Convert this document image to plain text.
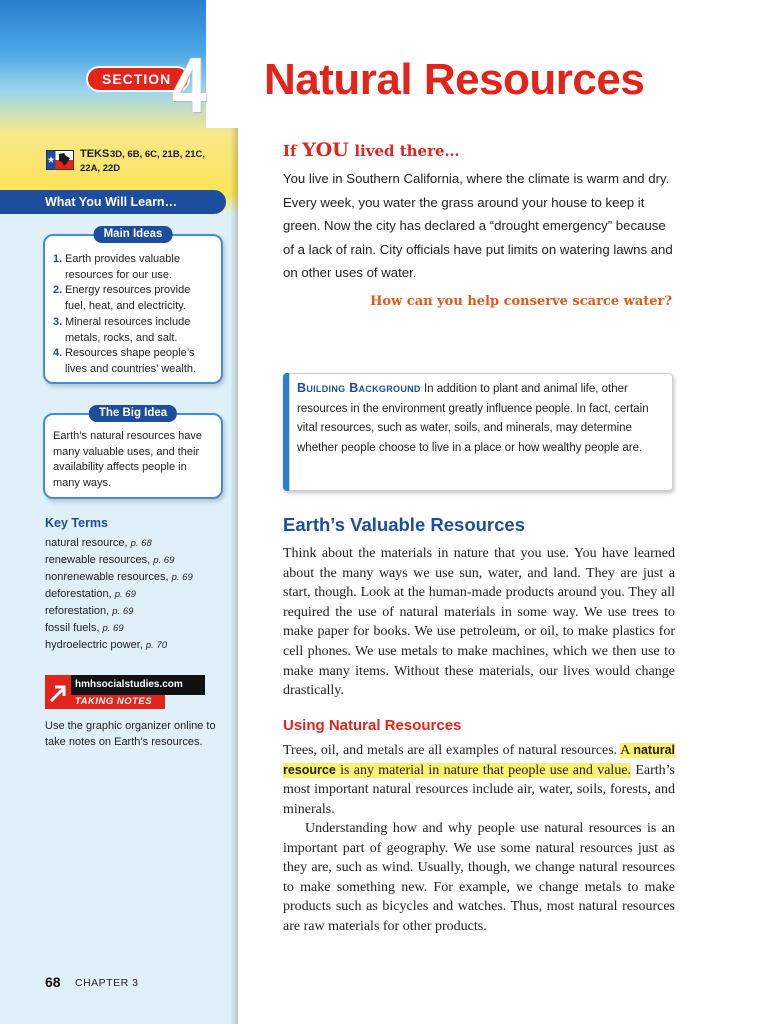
SECTION 4
TEKS 3D, 6B, 6C, 21B, 21C, 22A, 22D
What You Will Learn…
Main Ideas
1. Earth provides valuable resources for our use.
2. Energy resources provide fuel, heat, and electricity.
3. Mineral resources include metals, rocks, and salt.
4. Resources shape people’s lives and countries’ wealth.
The Big Idea

Earth’s natural resources have many valuable uses, and their availability affects people in many ways.

Key Terms
natural resource, p. 68
renewable resources, p. 69
nonrenewable resources, p. 69
deforestation, p. 69
reforestation, p. 69
fossil fuels, p. 69
hydroelectric power, p. 70
hmhsocialstudies.com
TAKING NOTES
Use the graphic organizer online to take notes on Earth’s resources.
68 CHAPTER 3
Natural Resources
If YOU lived there…

You live in Southern California, where the climate is warm and dry. Every week, you water the grass around your house to keep it green. Now the city has declared a “drought emergency” because of a lack of rain. City officials have put limits on watering lawns and on other uses of water.

How can you help conserve scarce water?
Building Background In addition to plant and animal life, other resources in the environment greatly influence people. In fact, certain vital resources, such as water, soils, and minerals, may determine whether people choose to live in a place or how wealthy people are.
Earth’s Valuable Resources

Think about the materials in nature that you use. You have learned about the many ways we use sun, water, and land. They are just a start, though. Look at the human-made products around you. They all required the use of natural materials in some way. We use trees to make paper for books. We use petroleum, or oil, to make plastics for cell phones. We use metals to make machines, which we then use to make many items. Without these materials, our lives would change drastically.

Using Natural Resources

Trees, oil, and metals are all examples of natural resources. A natural resource is any material in nature that people use and value. Earth’s most important natural resources include air, water, soils, forests, and minerals.

Understanding how and why people use natural resources is an important part of geography. We use some natural resources just as they are, such as wind. Usually, though, we change natural resources to make something new. For example, we change metals to make products such as bicycles and watches. Thus, most natural resources are raw materials for other products.
